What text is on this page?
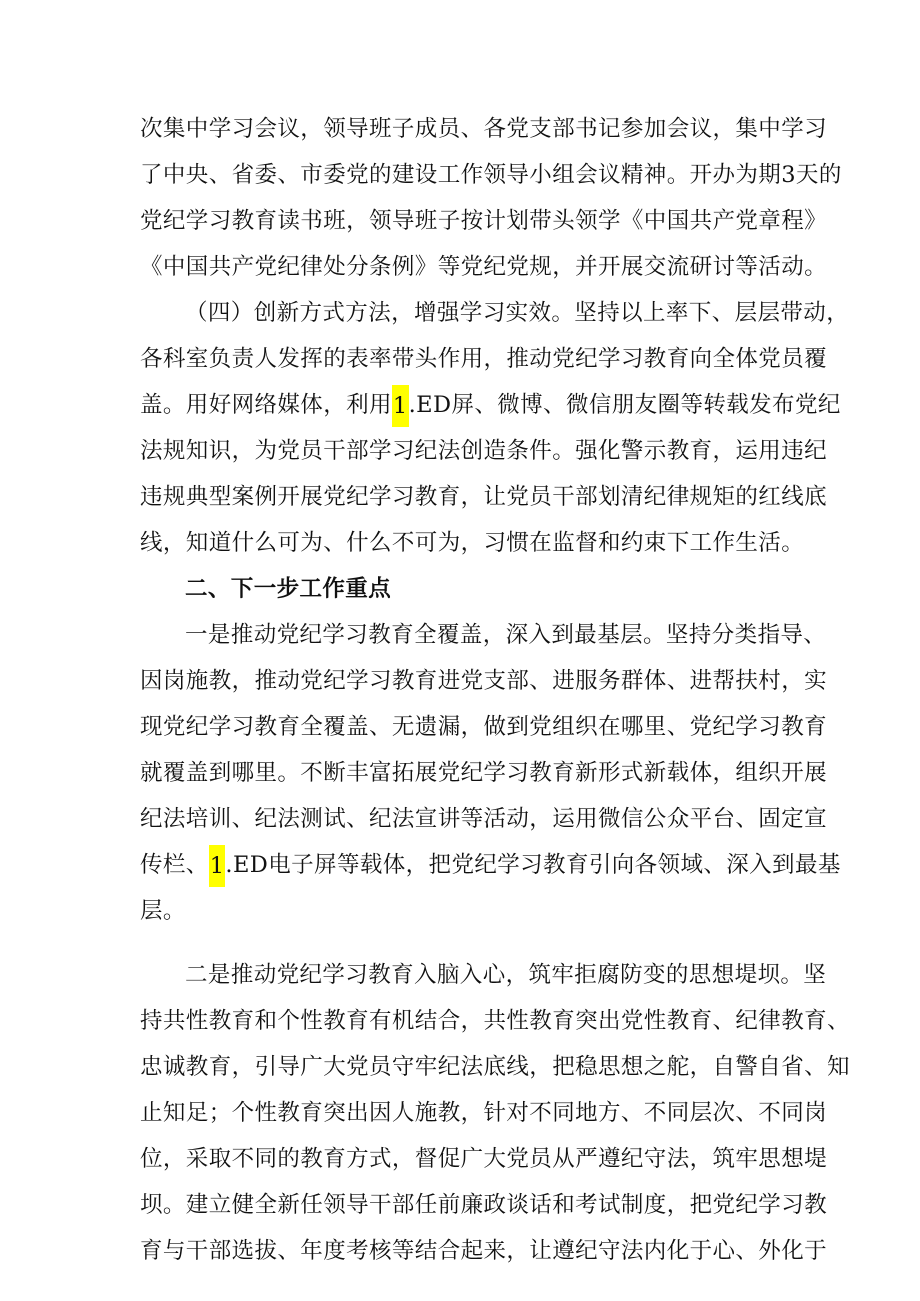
次集中学习会议，领导班子成员、各党支部书记参加会议，集中学习
了中央、省委、市委党的建设工作领导小组会议精神。开办为期3天的
党纪学习教育读书班，领导班子按计划带头领学《中国共产党章程》
《中国共产党纪律处分条例》等党纪党规，并开展交流研讨等活动。
（四）创新方式方法，增强学习实效。坚持以上率下、层层带动，
各科室负责人发挥的表率带头作用，推动党纪学习教育向全体党员覆
盖。用好网络媒体，利用1.ED屏、微博、微信朋友圈等转载发布党纪
法规知识，为党员干部学习纪法创造条件。强化警示教育，运用违纪
违规典型案例开展党纪学习教育，让党员干部划清纪律规矩的红线底
线，知道什么可为、什么不可为，习惯在监督和约束下工作生活。
二、下一步工作重点
一是推动党纪学习教育全覆盖，深入到最基层。坚持分类指导、
因岗施教，推动党纪学习教育进党支部、进服务群体、进帮扶村，实
现党纪学习教育全覆盖、无遗漏，做到党组织在哪里、党纪学习教育
就覆盖到哪里。不断丰富拓展党纪学习教育新形式新载体，组织开展
纪法培训、纪法测试、纪法宣讲等活动，运用微信公众平台、固定宣
传栏、1.ED电子屏等载体，把党纪学习教育引向各领域、深入到最基
层。
二是推动党纪学习教育入脑入心，筑牢拒腐防变的思想堤坝。坚
持共性教育和个性教育有机结合，共性教育突出党性教育、纪律教育、
忠诚教育，引导广大党员守牢纪法底线，把稳思想之舵，自警自省、知
止知足；个性教育突出因人施教，针对不同地方、不同层次、不同岗
位，采取不同的教育方式，督促广大党员从严遵纪守法，筑牢思想堤
坝。建立健全新任领导干部任前廉政谈话和考试制度，把党纪学习教
育与干部选拔、年度考核等结合起来，让遵纪守法内化于心、外化于
